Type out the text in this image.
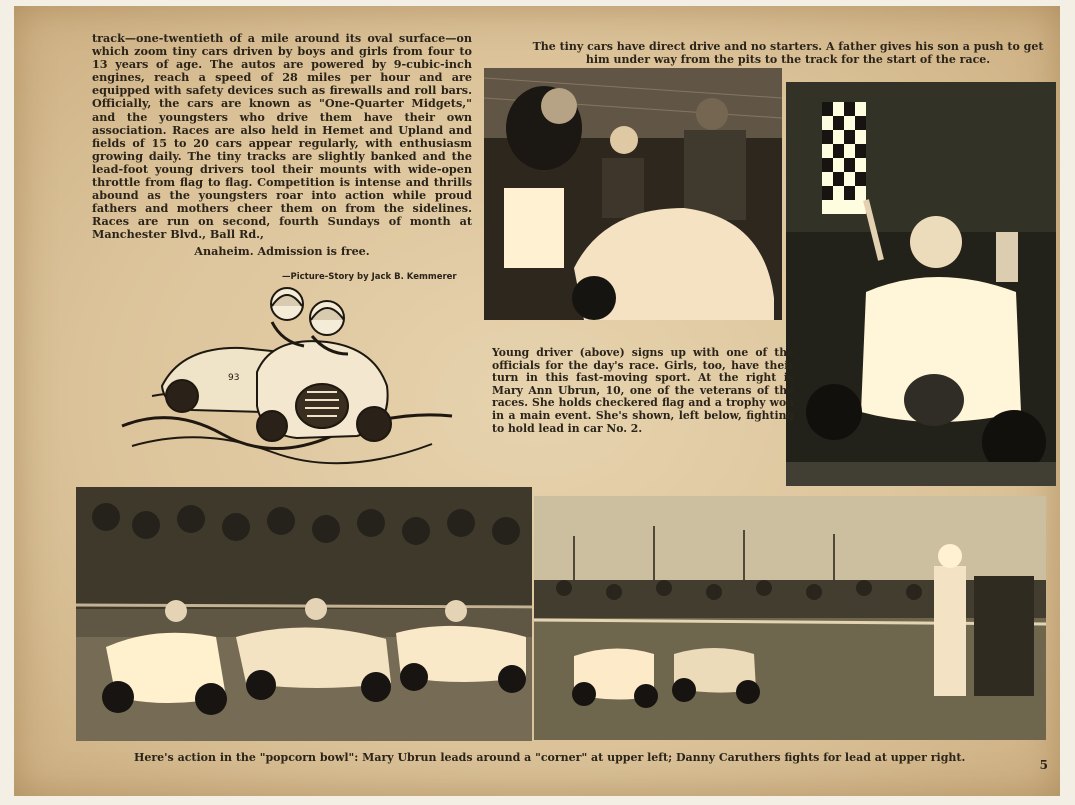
track—one-twentieth of a mile around its oval surface—on which zoom tiny cars driven by boys and girls from four to 13 years of age. The autos are powered by 9-cubic-inch engines, reach a speed of 28 miles per hour and are equipped with safety devices such as firewalls and roll bars. Officially, the cars are known as "One-Quarter Midgets," and the youngsters who drive them have their own association. Races are also held in Hemet and Upland and fields of 15 to 20 cars appear regularly, with enthusiasm growing daily. The tiny tracks are slightly banked and the lead-foot young drivers tool their mounts with wide-open throttle from flag to flag. Competition is intense and thrills abound as the youngsters roar into action while proud fathers and mothers cheer them on from the sidelines. Races are run on second, fourth Sundays of month at Manchester Blvd., Ball Rd.,

Anaheim. Admission is free.

—Picture-Story by Jack B. Kemmerer
93

The tiny cars have direct drive and no starters. A father gives his son a push to get him under way from the pits to the track for the start of the race.

Young driver (above) signs up with one of the officials for the day's race. Girls, too, have their turn in this fast-moving sport. At the right is Mary Ann Ubrun, 10, one of the veterans of the races. She holds checkered flag and a trophy won in a main event. She's shown, left below, fighting to hold lead in car No. 2.

Here's action in the "popcorn bowl": Mary Ubrun leads around a "corner" at upper left; Danny Caruthers fights for lead at upper right.

5
